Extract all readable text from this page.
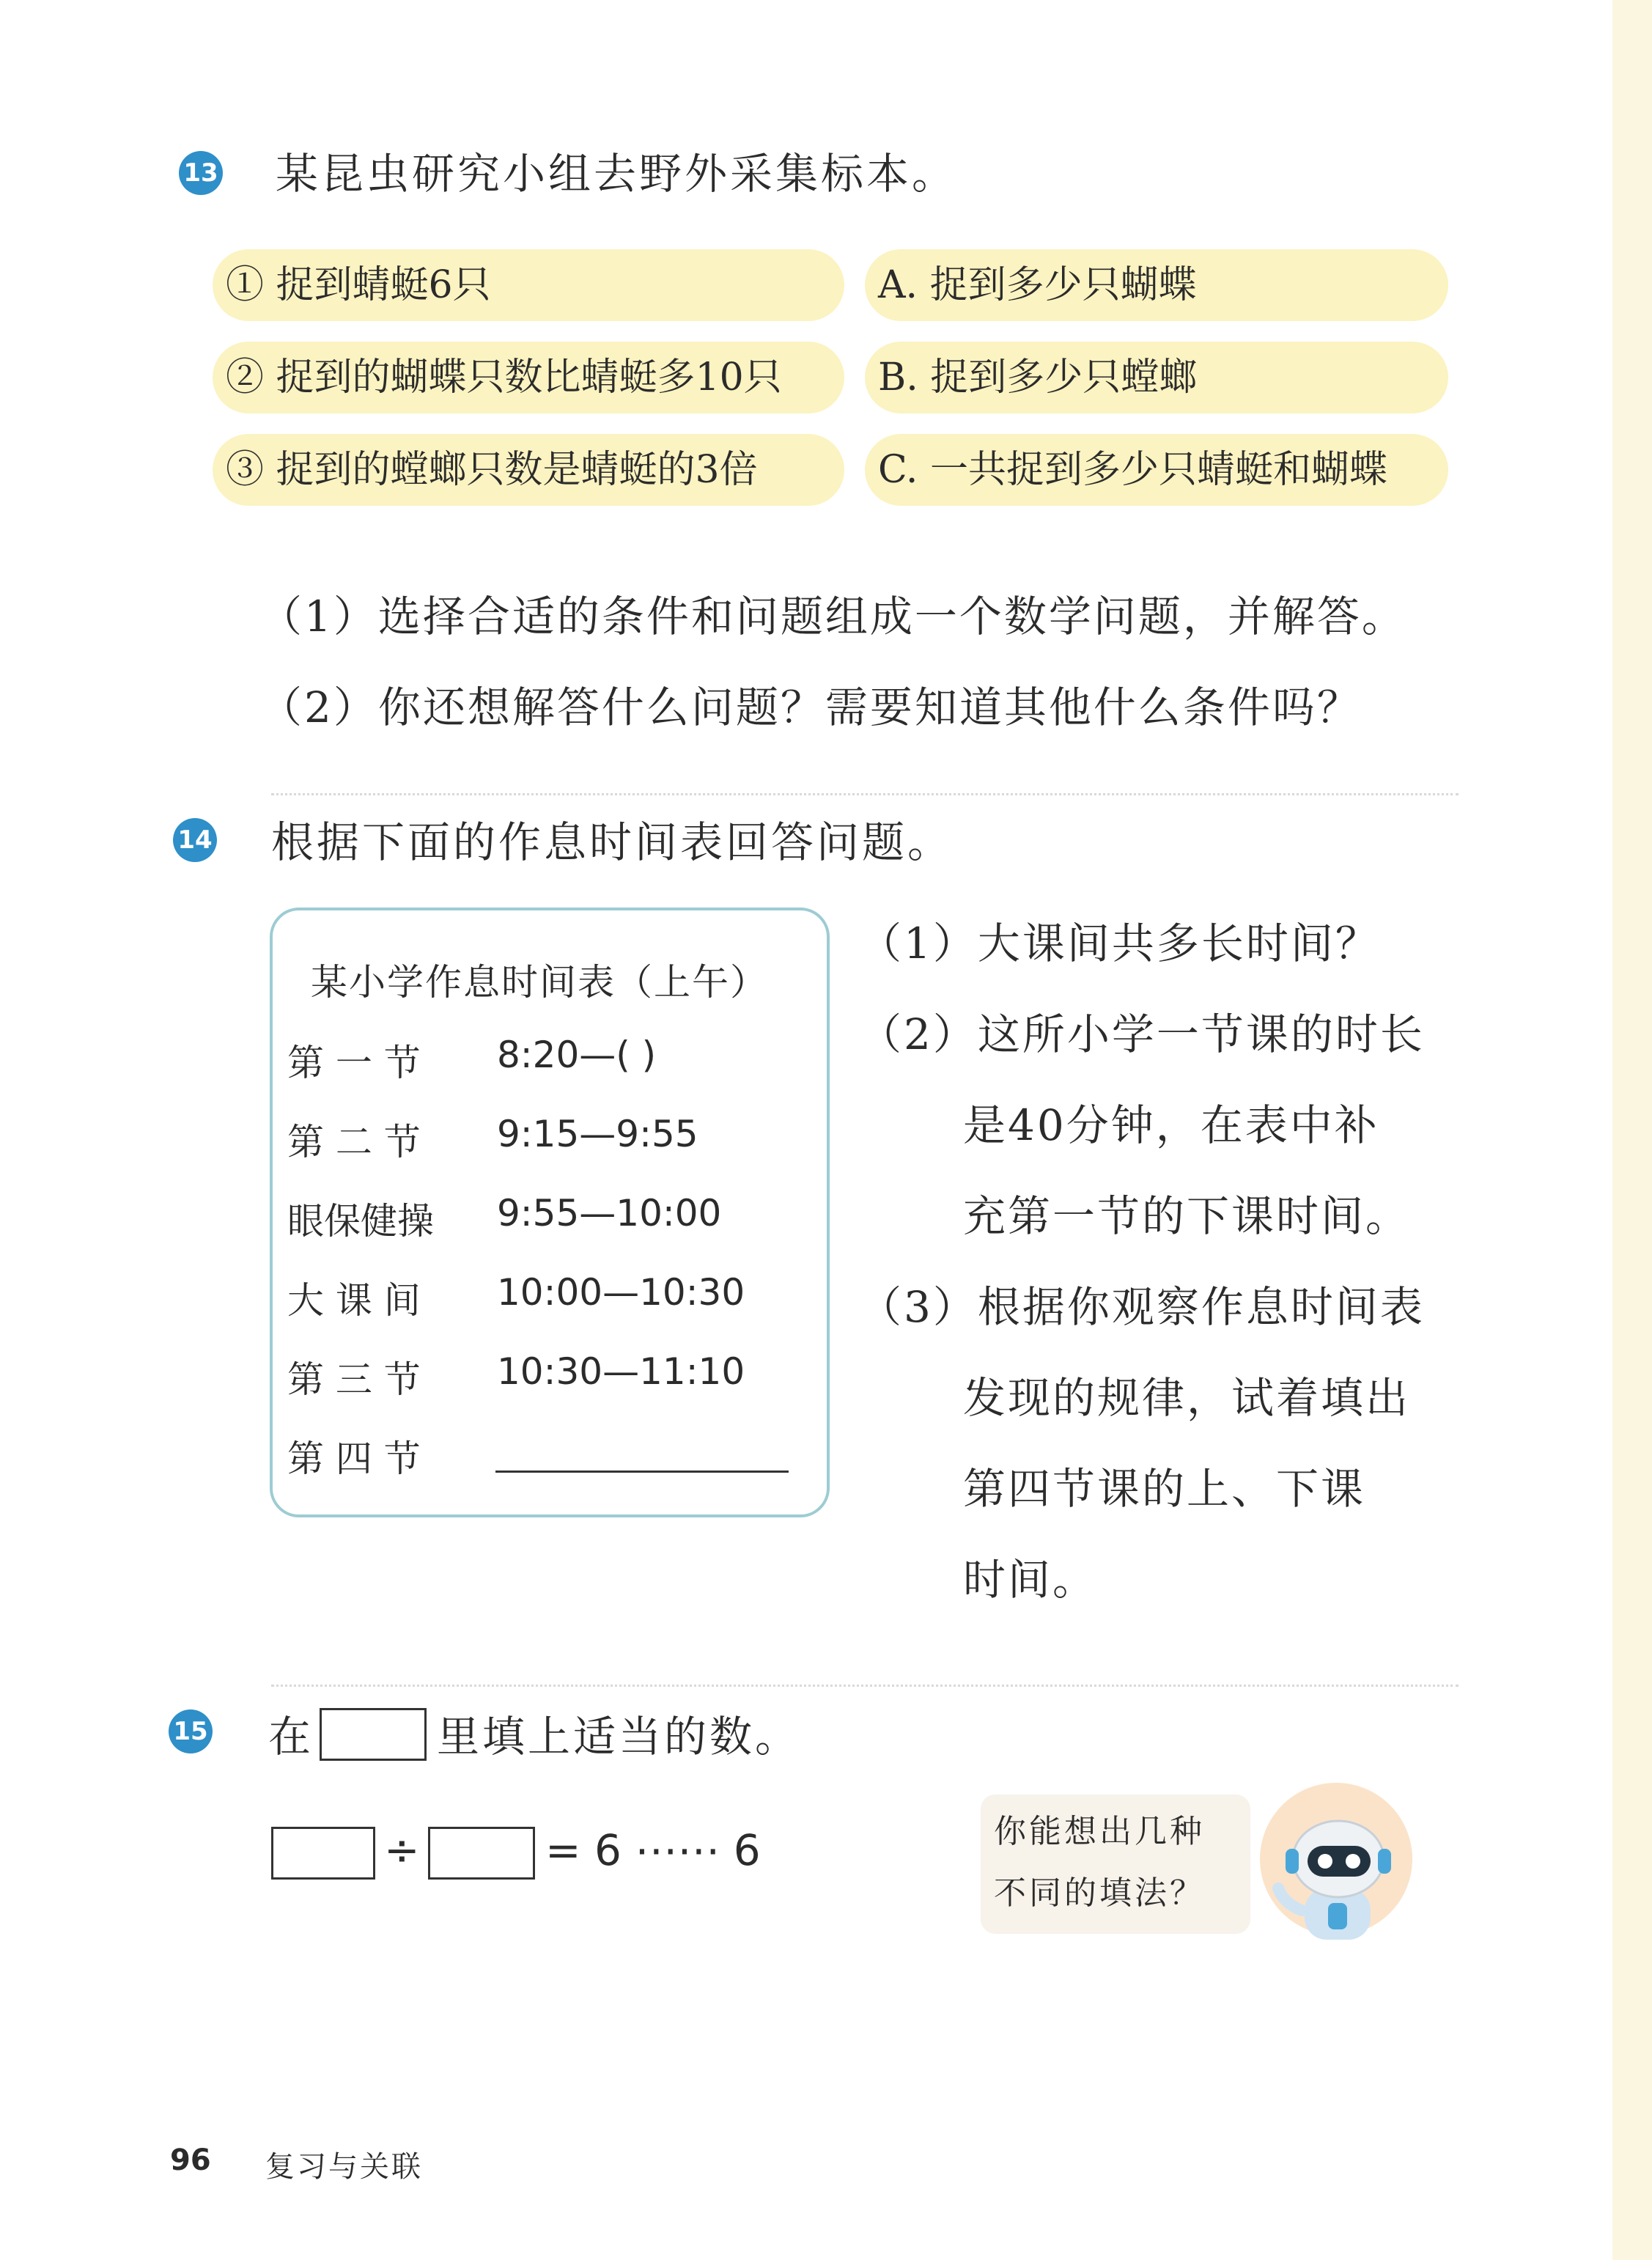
13 某昆虫研究小组去野外采集标本。
① 捉到蜻蜓6只
② 捉到的蝴蝶只数比蜻蜓多10只
③ 捉到的螳螂只数是蜻蜓的3倍
A. 捉到多少只蝴蝶
B. 捉到多少只螳螂
C. 一共捉到多少只蜻蜓和蝴蝶
（1）选择合适的条件和问题组成一个数学问题，并解答。
（2）你还想解答什么问题？需要知道其他什么条件吗？
14 根据下面的作息时间表回答问题。
某小学作息时间表（上午）
第 一 节 8:20—( )
第 二 节 9:15—9:55
眼保健操 9:55—10:00
大 课 间 10:00—10:30
第 三 节 10:30—11:10
第 四 节
（1）大课间共多长时间？
（2）这所小学一节课的时长
是40分钟，在表中补
充第一节的下课时间。
（3）根据你观察作息时间表
发现的规律，试着填出
第四节课的上、下课
时间。
15 在	里填上适当的数。
÷	= 6 ⋯⋯ 6	你能想出几种
不同的填法？
96 复习与关联
